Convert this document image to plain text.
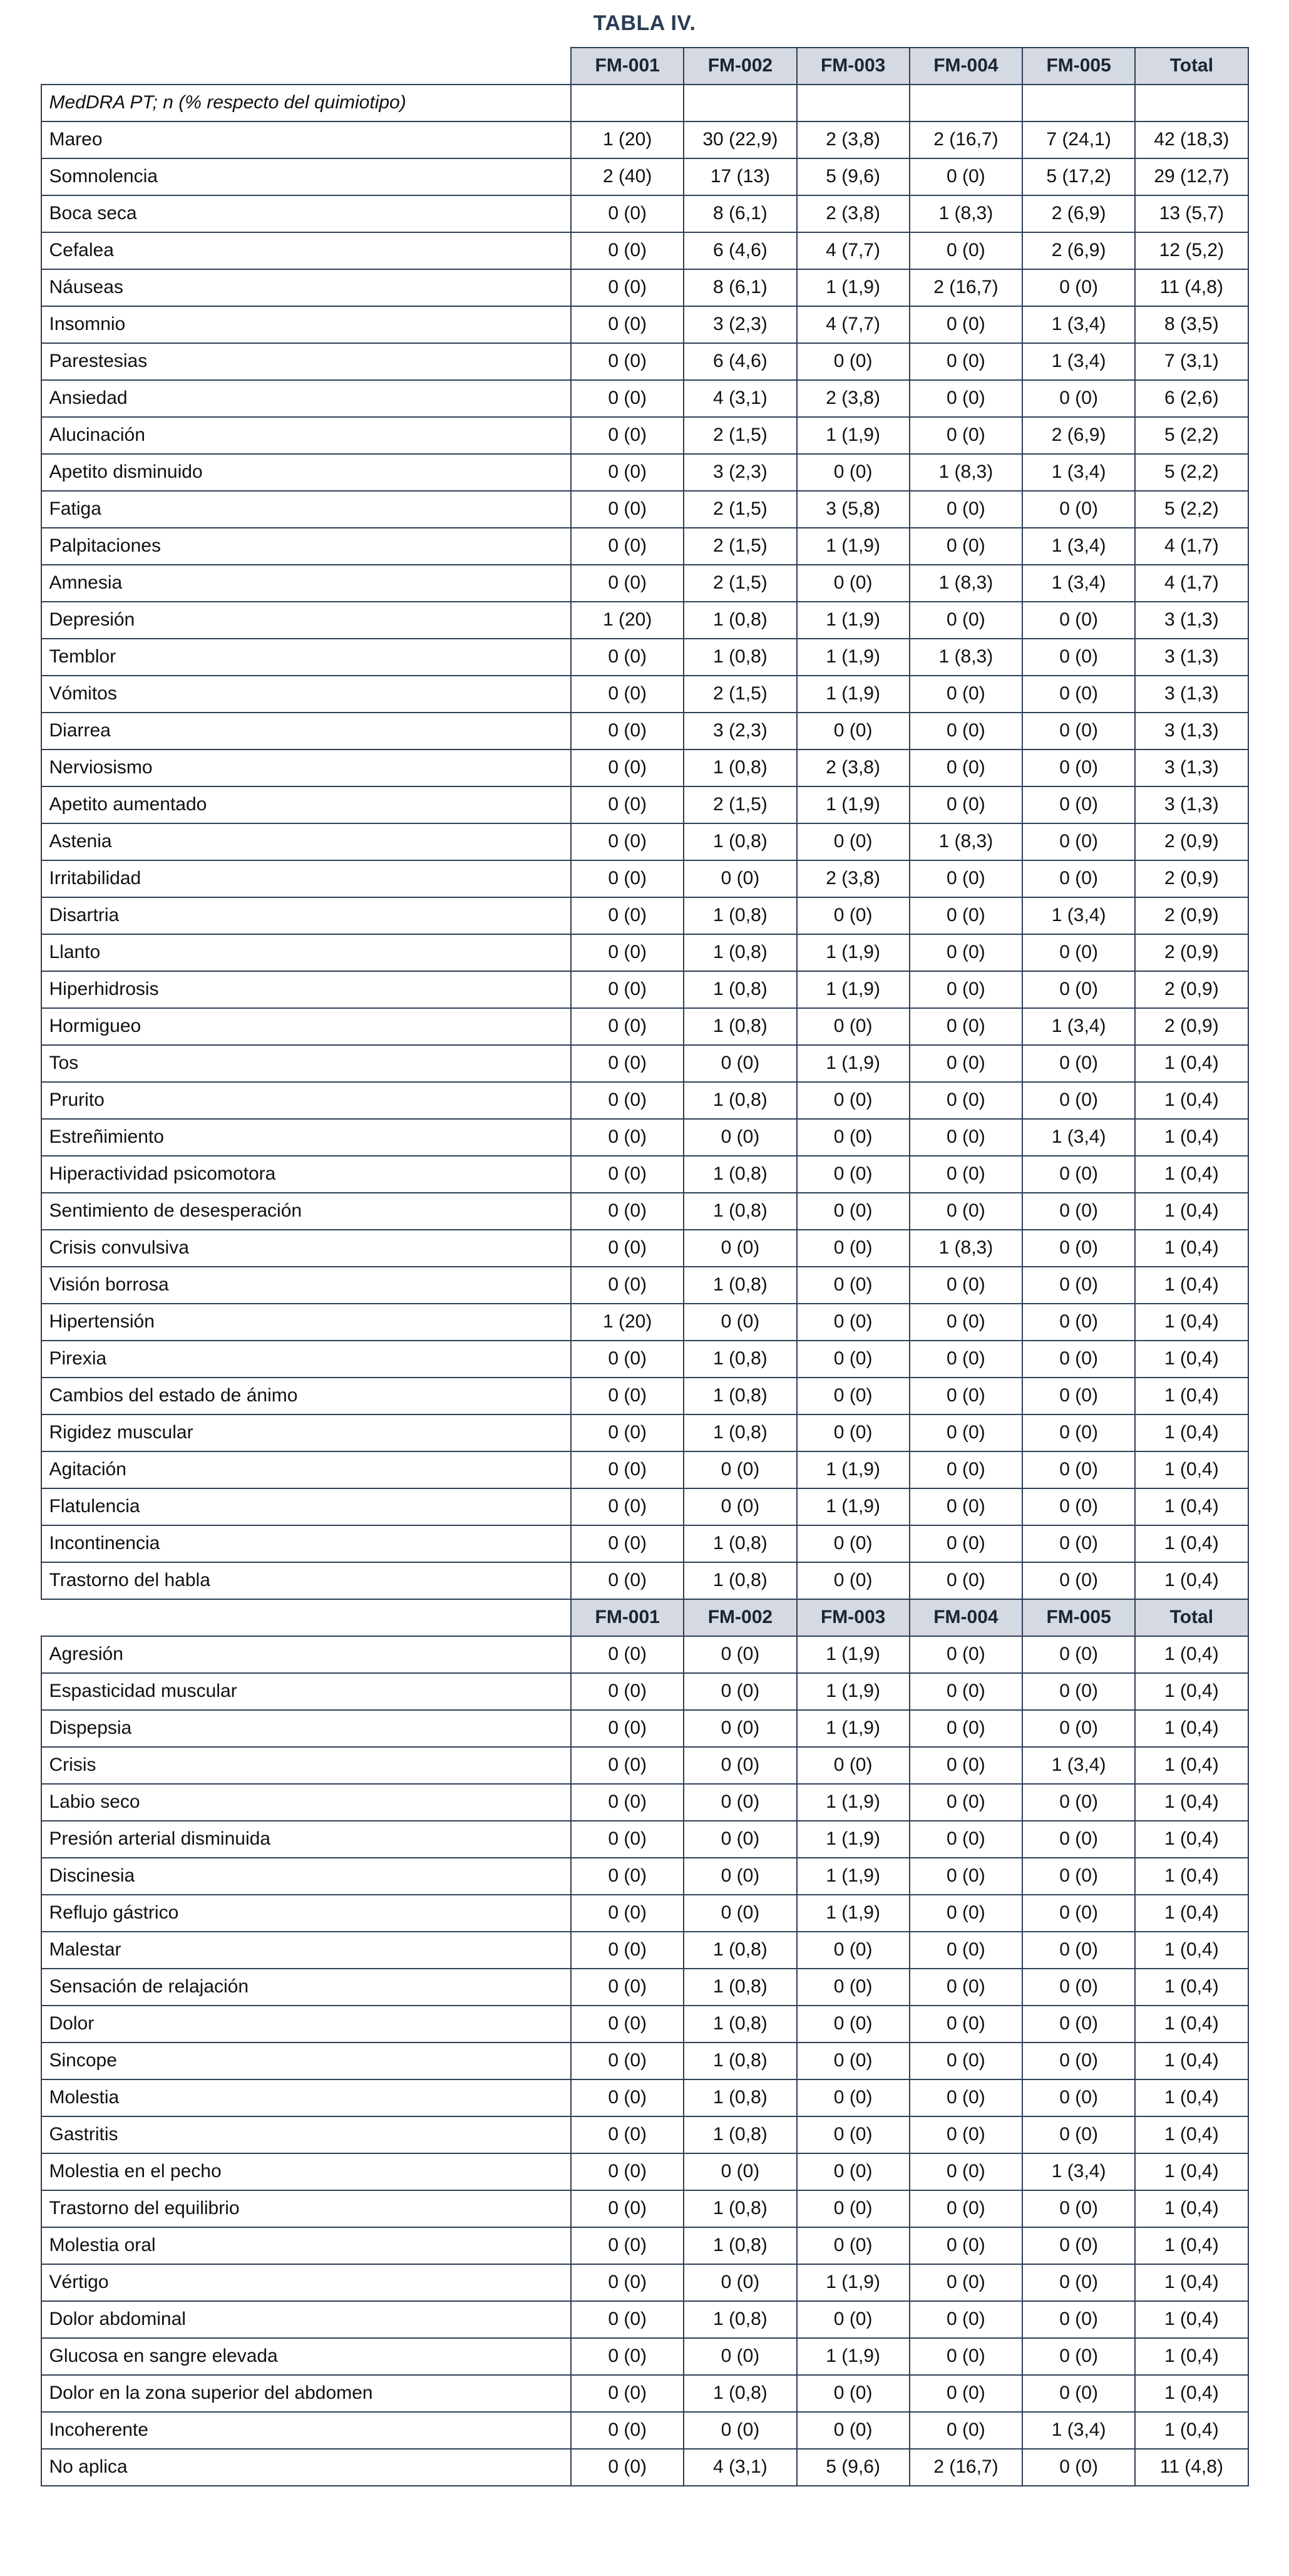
TABLA IV.
	FM-001	FM-002	FM-003	FM-004	FM-005	Total
MedDRA PT; n (% respecto del quimiotipo)						
Mareo	1 (20)	30 (22,9)	2 (3,8)	2 (16,7)	7 (24,1)	42 (18,3)
Somnolencia	2 (40)	17 (13)	5 (9,6)	0 (0)	5 (17,2)	29 (12,7)
Boca seca	0 (0)	8 (6,1)	2 (3,8)	1 (8,3)	2 (6,9)	13 (5,7)
Cefalea	0 (0)	6 (4,6)	4 (7,7)	0 (0)	2 (6,9)	12 (5,2)
Náuseas	0 (0)	8 (6,1)	1 (1,9)	2 (16,7)	0 (0)	11 (4,8)
Insomnio	0 (0)	3 (2,3)	4 (7,7)	0 (0)	1 (3,4)	8 (3,5)
Parestesias	0 (0)	6 (4,6)	0 (0)	0 (0)	1 (3,4)	7 (3,1)
Ansiedad	0 (0)	4 (3,1)	2 (3,8)	0 (0)	0 (0)	6 (2,6)
Alucinación	0 (0)	2 (1,5)	1 (1,9)	0 (0)	2 (6,9)	5 (2,2)
Apetito disminuido	0 (0)	3 (2,3)	0 (0)	1 (8,3)	1 (3,4)	5 (2,2)
Fatiga	0 (0)	2 (1,5)	3 (5,8)	0 (0)	0 (0)	5 (2,2)
Palpitaciones	0 (0)	2 (1,5)	1 (1,9)	0 (0)	1 (3,4)	4 (1,7)
Amnesia	0 (0)	2 (1,5)	0 (0)	1 (8,3)	1 (3,4)	4 (1,7)
Depresión	1 (20)	1 (0,8)	1 (1,9)	0 (0)	0 (0)	3 (1,3)
Temblor	0 (0)	1 (0,8)	1 (1,9)	1 (8,3)	0 (0)	3 (1,3)
Vómitos	0 (0)	2 (1,5)	1 (1,9)	0 (0)	0 (0)	3 (1,3)
Diarrea	0 (0)	3 (2,3)	0 (0)	0 (0)	0 (0)	3 (1,3)
Nerviosismo	0 (0)	1 (0,8)	2 (3,8)	0 (0)	0 (0)	3 (1,3)
Apetito aumentado	0 (0)	2 (1,5)	1 (1,9)	0 (0)	0 (0)	3 (1,3)
Astenia	0 (0)	1 (0,8)	0 (0)	1 (8,3)	0 (0)	2 (0,9)
Irritabilidad	0 (0)	0 (0)	2 (3,8)	0 (0)	0 (0)	2 (0,9)
Disartria	0 (0)	1 (0,8)	0 (0)	0 (0)	1 (3,4)	2 (0,9)
Llanto	0 (0)	1 (0,8)	1 (1,9)	0 (0)	0 (0)	2 (0,9)
Hiperhidrosis	0 (0)	1 (0,8)	1 (1,9)	0 (0)	0 (0)	2 (0,9)
Hormigueo	0 (0)	1 (0,8)	0 (0)	0 (0)	1 (3,4)	2 (0,9)
Tos	0 (0)	0 (0)	1 (1,9)	0 (0)	0 (0)	1 (0,4)
Prurito	0 (0)	1 (0,8)	0 (0)	0 (0)	0 (0)	1 (0,4)
Estreñimiento	0 (0)	0 (0)	0 (0)	0 (0)	1 (3,4)	1 (0,4)
Hiperactividad psicomotora	0 (0)	1 (0,8)	0 (0)	0 (0)	0 (0)	1 (0,4)
Sentimiento de desesperación	0 (0)	1 (0,8)	0 (0)	0 (0)	0 (0)	1 (0,4)
Crisis convulsiva	0 (0)	0 (0)	0 (0)	1 (8,3)	0 (0)	1 (0,4)
Visión borrosa	0 (0)	1 (0,8)	0 (0)	0 (0)	0 (0)	1 (0,4)
Hipertensión	1 (20)	0 (0)	0 (0)	0 (0)	0 (0)	1 (0,4)
Pirexia	0 (0)	1 (0,8)	0 (0)	0 (0)	0 (0)	1 (0,4)
Cambios del estado de ánimo	0 (0)	1 (0,8)	0 (0)	0 (0)	0 (0)	1 (0,4)
Rigidez muscular	0 (0)	1 (0,8)	0 (0)	0 (0)	0 (0)	1 (0,4)
Agitación	0 (0)	0 (0)	1 (1,9)	0 (0)	0 (0)	1 (0,4)
Flatulencia	0 (0)	0 (0)	1 (1,9)	0 (0)	0 (0)	1 (0,4)
Incontinencia	0 (0)	1 (0,8)	0 (0)	0 (0)	0 (0)	1 (0,4)
Trastorno del habla	0 (0)	1 (0,8)	0 (0)	0 (0)	0 (0)	1 (0,4)
	FM-001	FM-002	FM-003	FM-004	FM-005	Total
Agresión	0 (0)	0 (0)	1 (1,9)	0 (0)	0 (0)	1 (0,4)
Espasticidad muscular	0 (0)	0 (0)	1 (1,9)	0 (0)	0 (0)	1 (0,4)
Dispepsia	0 (0)	0 (0)	1 (1,9)	0 (0)	0 (0)	1 (0,4)
Crisis	0 (0)	0 (0)	0 (0)	0 (0)	1 (3,4)	1 (0,4)
Labio seco	0 (0)	0 (0)	1 (1,9)	0 (0)	0 (0)	1 (0,4)
Presión arterial disminuida	0 (0)	0 (0)	1 (1,9)	0 (0)	0 (0)	1 (0,4)
Discinesia	0 (0)	0 (0)	1 (1,9)	0 (0)	0 (0)	1 (0,4)
Reflujo gástrico	0 (0)	0 (0)	1 (1,9)	0 (0)	0 (0)	1 (0,4)
Malestar	0 (0)	1 (0,8)	0 (0)	0 (0)	0 (0)	1 (0,4)
Sensación de relajación	0 (0)	1 (0,8)	0 (0)	0 (0)	0 (0)	1 (0,4)
Dolor	0 (0)	1 (0,8)	0 (0)	0 (0)	0 (0)	1 (0,4)
Sincope	0 (0)	1 (0,8)	0 (0)	0 (0)	0 (0)	1 (0,4)
Molestia	0 (0)	1 (0,8)	0 (0)	0 (0)	0 (0)	1 (0,4)
Gastritis	0 (0)	1 (0,8)	0 (0)	0 (0)	0 (0)	1 (0,4)
Molestia en el pecho	0 (0)	0 (0)	0 (0)	0 (0)	1 (3,4)	1 (0,4)
Trastorno del equilibrio	0 (0)	1 (0,8)	0 (0)	0 (0)	0 (0)	1 (0,4)
Molestia oral	0 (0)	1 (0,8)	0 (0)	0 (0)	0 (0)	1 (0,4)
Vértigo	0 (0)	0 (0)	1 (1,9)	0 (0)	0 (0)	1 (0,4)
Dolor abdominal	0 (0)	1 (0,8)	0 (0)	0 (0)	0 (0)	1 (0,4)
Glucosa en sangre elevada	0 (0)	0 (0)	1 (1,9)	0 (0)	0 (0)	1 (0,4)
Dolor en la zona superior del abdomen	0 (0)	1 (0,8)	0 (0)	0 (0)	0 (0)	1 (0,4)
Incoherente	0 (0)	0 (0)	0 (0)	0 (0)	1 (3,4)	1 (0,4)
No aplica	0 (0)	4 (3,1)	5 (9,6)	2 (16,7)	0 (0)	11 (4,8)
